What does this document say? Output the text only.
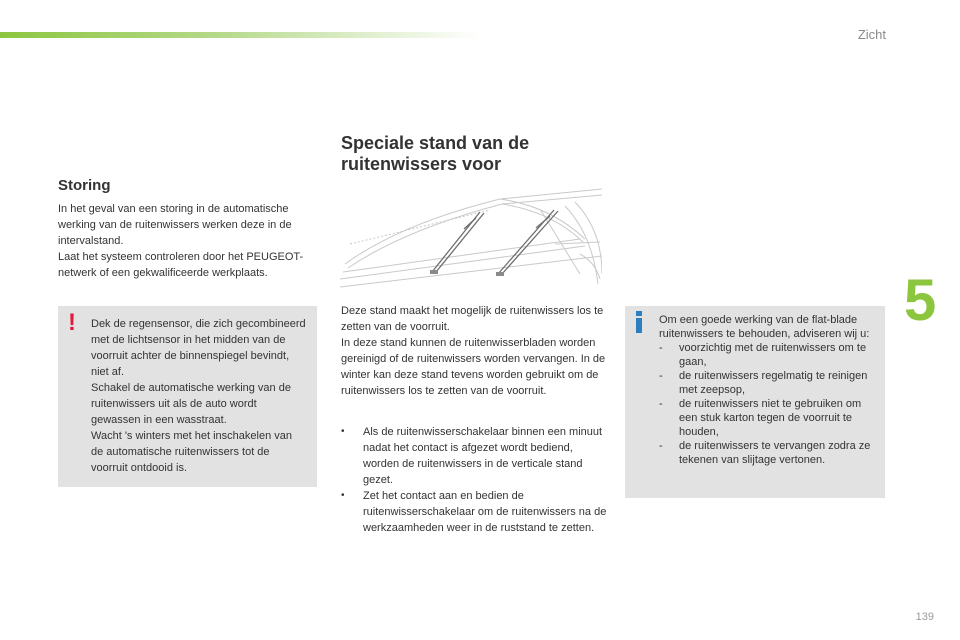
Zicht
5
Storing

In het geval van een storing in de automatische werking van de ruitenwissers werken deze in de intervalstand.

Laat het systeem controleren door het PEUGEOT-netwerk of een gekwalificeerde werkplaats.

! Dek de regensensor, die zich gecombineerd met de lichtsensor in het midden van de voorruit achter de binnenspiegel bevindt, niet af.

Schakel de automatische werking van de ruitenwissers uit als de auto wordt gewassen in een wasstraat.

Wacht 's winters met het inschakelen van de automatische ruitenwissers tot de voorruit ontdooid is.

Speciale stand van de ruitenwissers voor

Deze stand maakt het mogelijk de ruitenwissers los te zetten van de voorruit.

In deze stand kunnen de ruitenwisserbladen worden gereinigd of de ruitenwissers worden vervangen. In de winter kan deze stand tevens worden gebruikt om de ruitenwissers los te zetten van de voorruit.

• Als de ruitenwisserschakelaar binnen een minuut nadat het contact is afgezet wordt bediend, worden de ruitenwissers in de verticale stand gezet.
• Zet het contact aan en bedien de ruitenwisserschakelaar om de ruitenwissers na de werkzaamheden weer in de ruststand te zetten.

Om een goede werking van de flat-blade ruitenwissers te behouden, adviseren wij u:

- voorzichtig met de ruitenwissers om te gaan,
- de ruitenwissers regelmatig te reinigen met zeepsop,
- de ruitenwissers niet te gebruiken om een stuk karton tegen de voorruit te houden,
- de ruitenwissers te vervangen zodra ze tekenen van slijtage vertonen.
139
